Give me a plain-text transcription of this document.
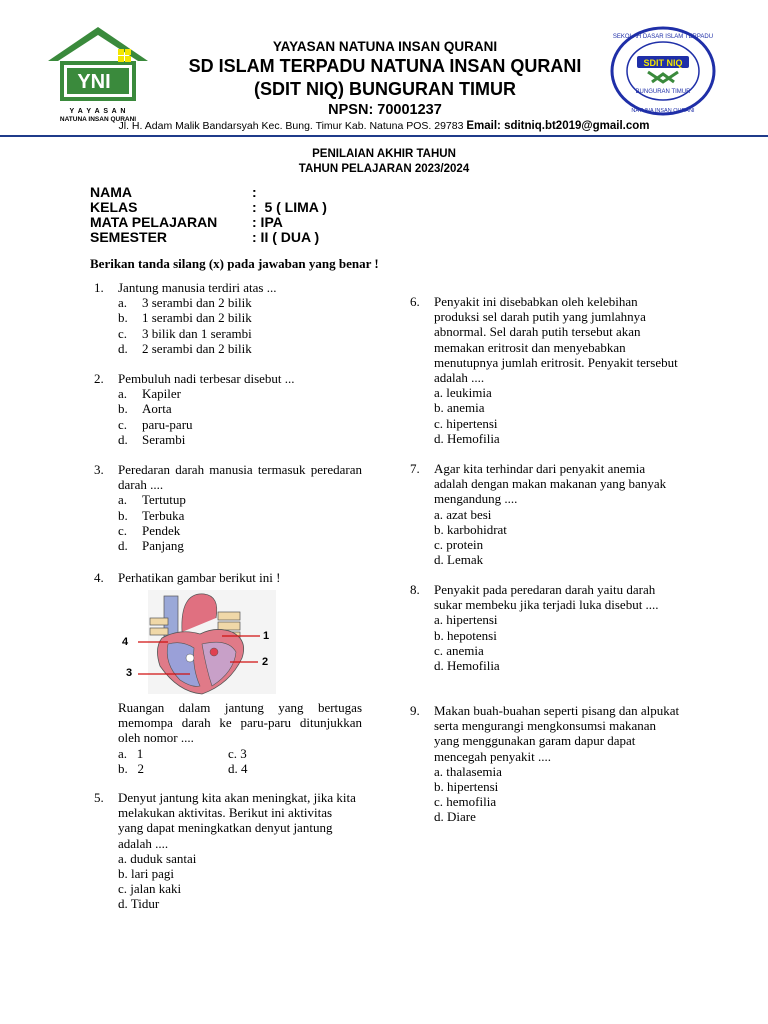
YNI
Y A Y A S A N
NATUNA INSAN QURANI
YAYASAN NATUNA INSAN QURANI
SD ISLAM TERPADU NATUNA INSAN QURANI
(SDIT NIQ) BUNGURAN TIMUR
NPSN: 70001237
SEKOLAH DASAR ISLAM TERPADU
NATUNA INSAN QURANI
SDIT NIQ
BUNGURAN TIMUR
Jl. H. Adam Malik Bandarsyah Kec. Bung. Timur Kab. Natuna POS. 29783 Email: sditniq.bt2019@gmail.com
PENILAIAN AKHIR TAHUN
TAHUN PELAJARAN 2023/2024
NAMA	:
KELAS	:  5 ( LIMA )
MATA PELAJARAN	: IPA
SEMESTER	: II ( DUA )
Berikan tanda silang (x) pada jawaban yang benar !
1. Jantung manusia terdiri atas ...
a.	3 serambi dan 2 bilik
b.	1 serambi dan 2 bilik
c.	3 bilik dan 1 serambi
d.	2 serambi dan 2 bilik
2. Pembuluh nadi terbesar disebut ...
a.	Kapiler
b.	Aorta
c.	paru-paru
d.	Serambi
3. Peredaran darah manusia termasuk peredaran darah ....
a.	Tertutup
b.	Terbuka
c.	Pendek
d.	Panjang
4. Perhatikan gambar berikut ini !
1
2
3
4
Ruangan dalam jantung yang bertugas memompa darah ke paru-paru ditunjukkan oleh nomor ....
a.   1	c. 3
b.   2	d. 4
5. Denyut jantung kita akan meningkat, jika kita melakukan aktivitas. Berikut ini aktivitas yang dapat meningkatkan denyut jantung adalah ....
a. duduk santai
b. lari pagi
c. jalan kaki
d. Tidur
6. Penyakit ini disebabkan oleh kelebihan produksi sel darah putih yang jumlahnya abnormal. Sel darah putih tersebut akan memakan eritrosit dan menyebabkan menutupnya jumlah eritrosit. Penyakit tersebut adalah ....
a. leukimia
b. anemia
c. hipertensi
d. Hemofilia
7. Agar kita terhindar dari penyakit anemia adalah dengan makan makanan yang banyak mengandung ....
a. azat besi
b. karbohidrat
c. protein
d. Lemak
8. Penyakit pada peredaran darah yaitu darah sukar membeku jika terjadi luka disebut ....
a. hipertensi
b. hepotensi
c. anemia
d. Hemofilia
9. Makan buah-buahan seperti pisang dan alpukat serta mengurangi mengkonsumsi makanan yang menggunakan garam dapur dapat mencegah penyakit ....
a. thalasemia
b. hipertensi
c. hemofilia
d. Diare
